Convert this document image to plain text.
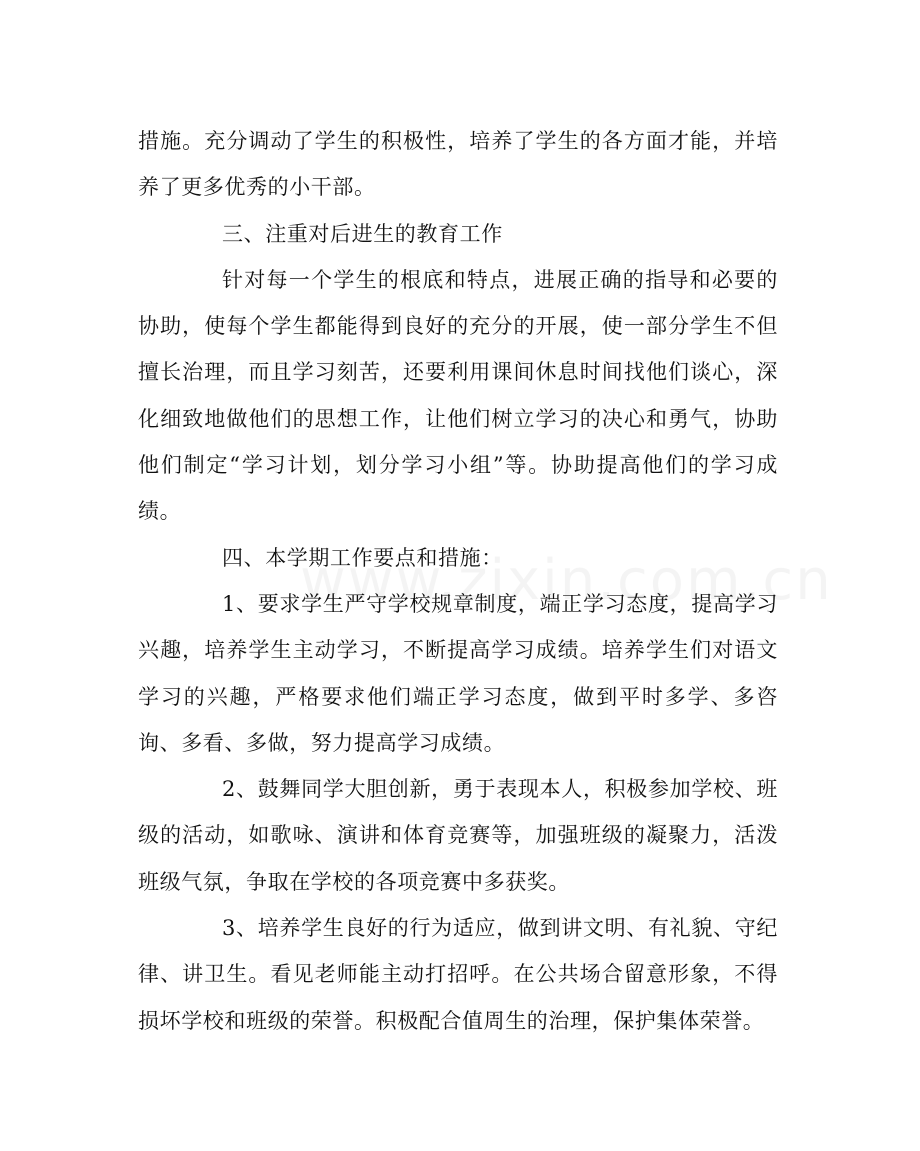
措施。充分调动了学生的积极性，培养了学生的各方面才能，并培养了更多优秀的小干部。

三、注重对后进生的教育工作

针对每一个学生的根底和特点，进展正确的指导和必要的协助，使每个学生都能得到良好的充分的开展，使一部分学生不但擅长治理，而且学习刻苦，还要利用课间休息时间找他们谈心，深化细致地做他们的思想工作，让他们树立学习的决心和勇气，协助他们制定“学习计划，划分学习小组”等。协助提高他们的学习成绩。

四、本学期工作要点和措施：

1、要求学生严守学校规章制度，端正学习态度，提高学习兴趣，培养学生主动学习，不断提高学习成绩。培养学生们对语文学习的兴趣，严格要求他们端正学习态度，做到平时多学、多咨询、多看、多做，努力提高学习成绩。

2、鼓舞同学大胆创新，勇于表现本人，积极参加学校、班级的活动，如歌咏、演讲和体育竞赛等，加强班级的凝聚力，活泼班级气氛，争取在学校的各项竞赛中多获奖。

3、培养学生良好的行为适应，做到讲文明、有礼貌、守纪律、讲卫生。看见老师能主动打招呼。在公共场合留意形象，不得损坏学校和班级的荣誉。积极配合值周生的治理，保护集体荣誉。
